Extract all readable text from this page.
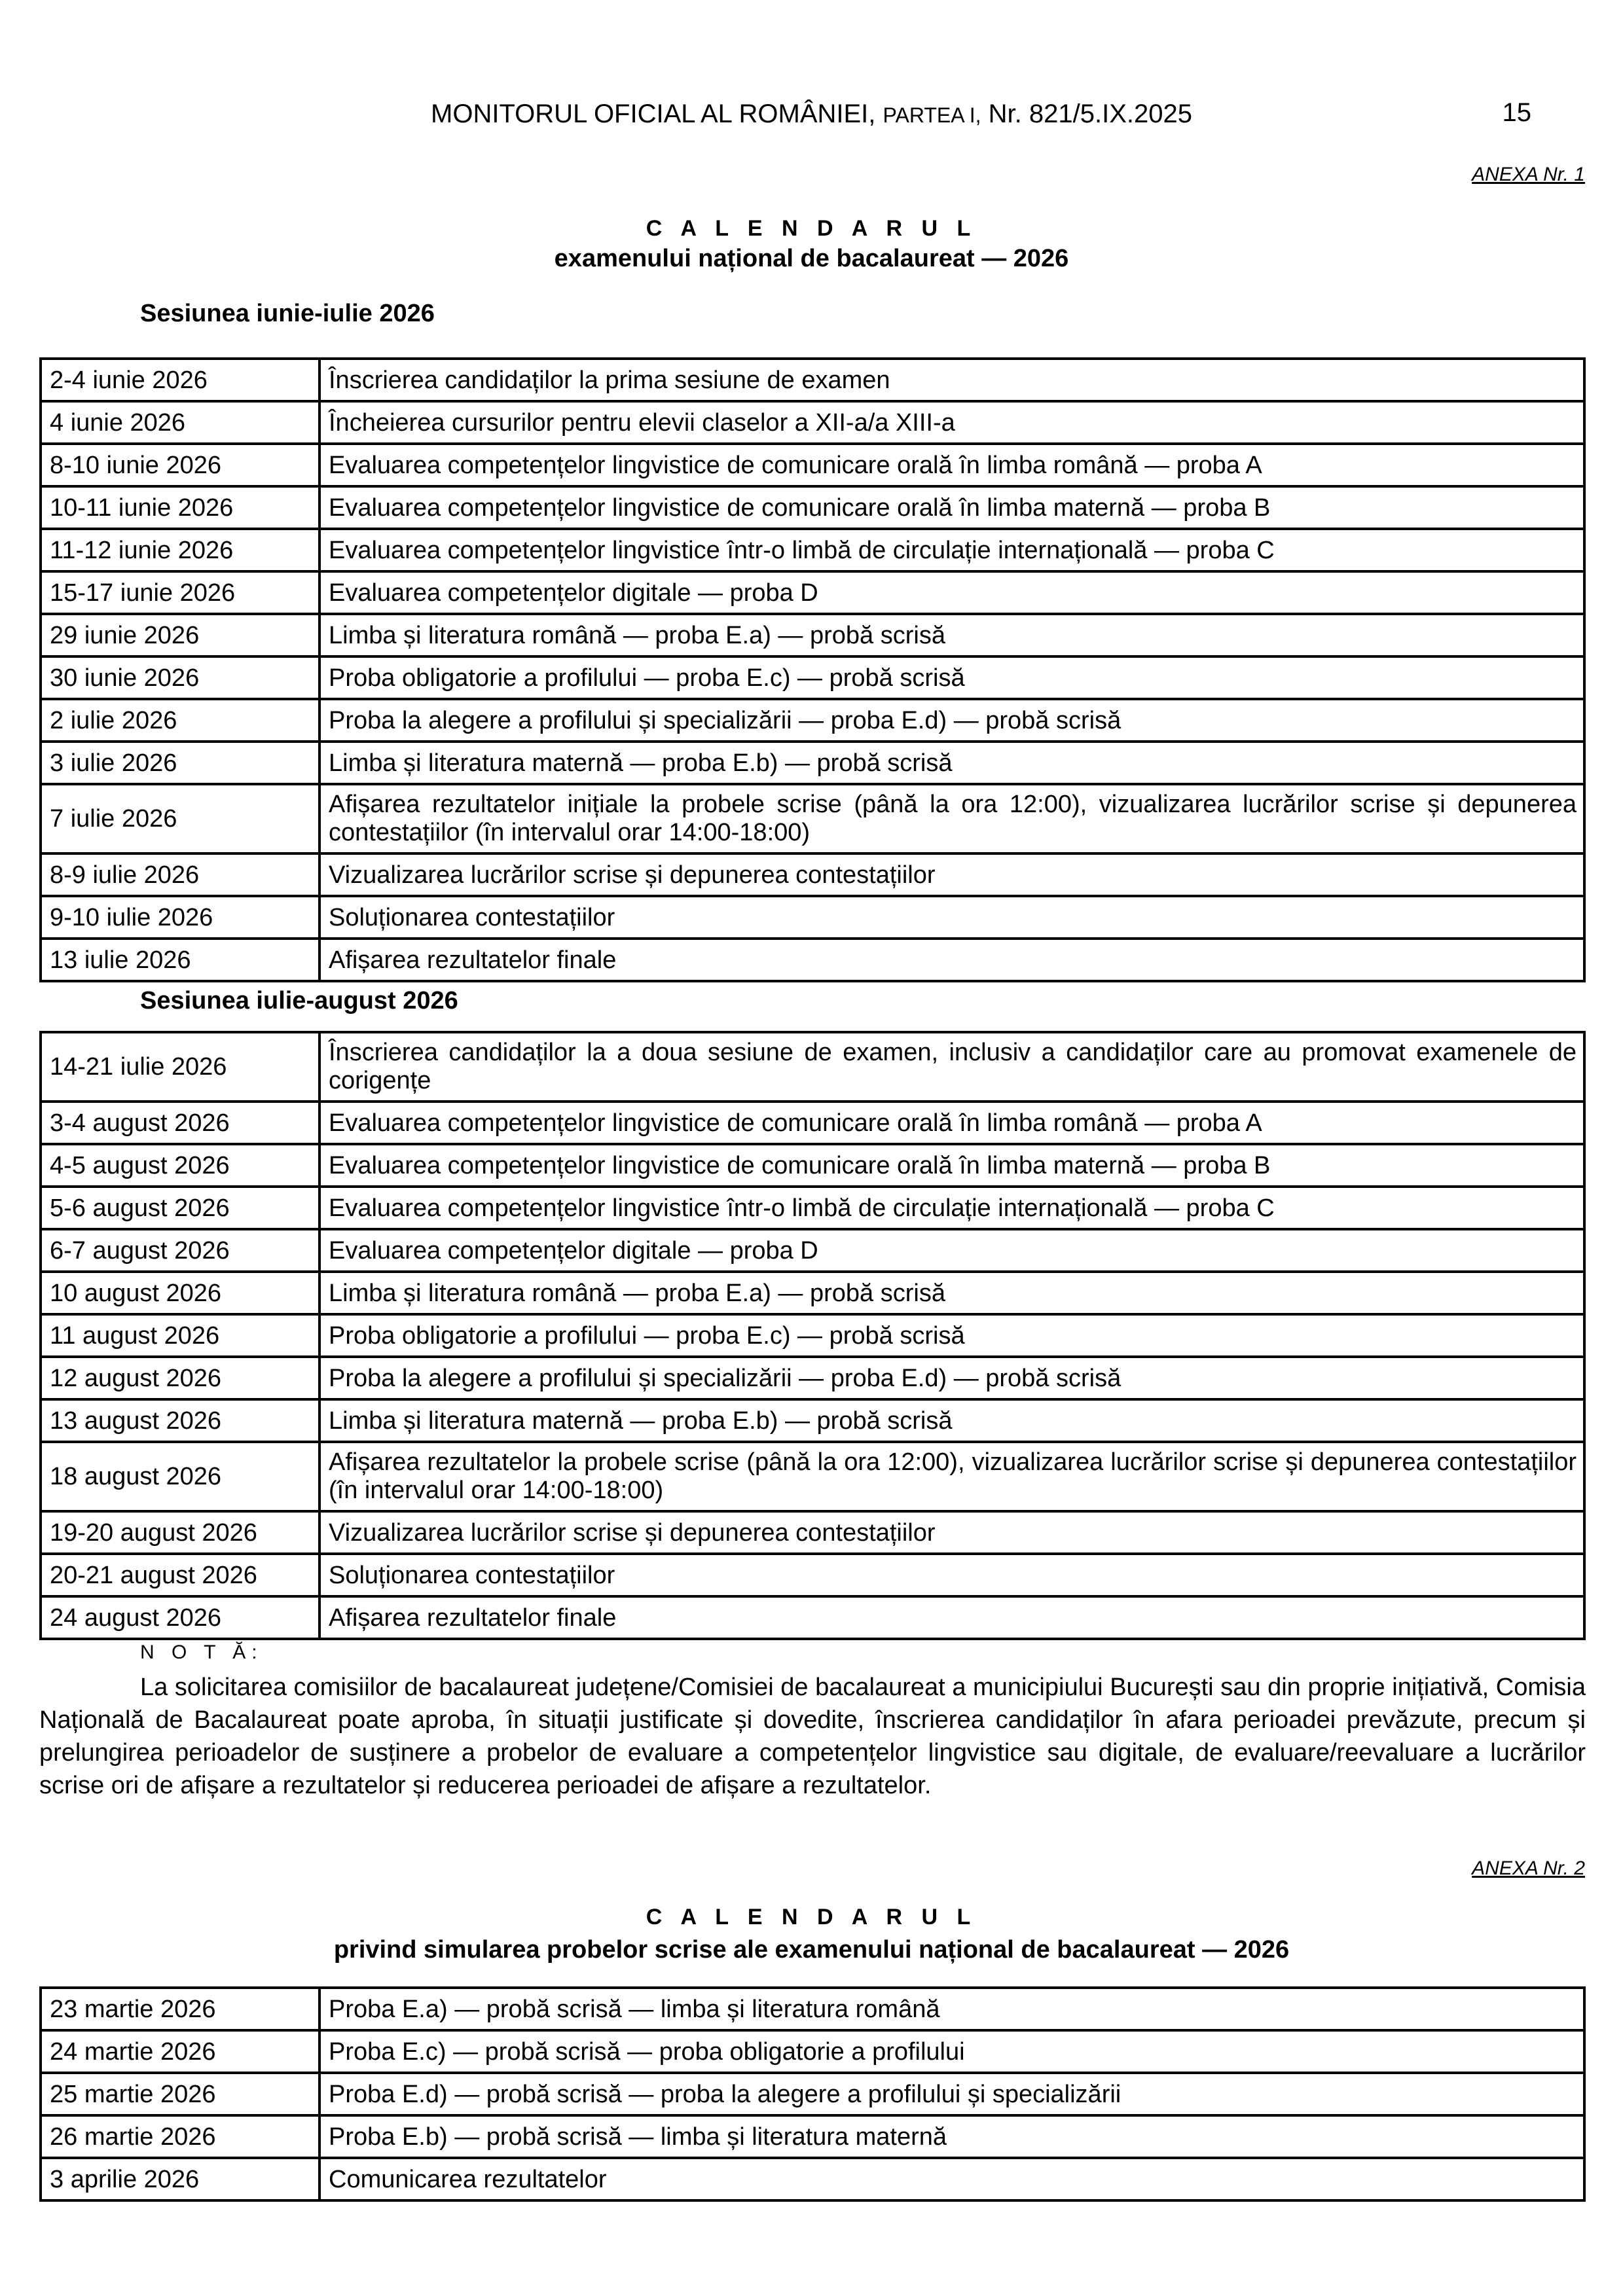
MONITORUL OFICIAL AL ROMÂNIEI, PARTEA I, Nr. 821/5.IX.2025	15
ANEXA Nr. 1
C A L E N D A R U L
examenului național de bacalaureat — 2026
Sesiunea iunie-iulie 2026
2-4 iunie 2026	Înscrierea candidaților la prima sesiune de examen
4 iunie 2026	Încheierea cursurilor pentru elevii claselor a XII-a/a XIII-a
8-10 iunie 2026	Evaluarea competențelor lingvistice de comunicare orală în limba română — proba A
10-11 iunie 2026	Evaluarea competențelor lingvistice de comunicare orală în limba maternă — proba B
11-12 iunie 2026	Evaluarea competențelor lingvistice într-o limbă de circulație internațională — proba C
15-17 iunie 2026	Evaluarea competențelor digitale — proba D
29 iunie 2026	Limba și literatura română — proba E.a) — probă scrisă
30 iunie 2026	Proba obligatorie a profilului — proba E.c) — probă scrisă
2 iulie 2026	Proba la alegere a profilului și specializării — proba E.d) — probă scrisă
3 iulie 2026	Limba și literatura maternă — proba E.b) — probă scrisă
7 iulie 2026	Afișarea rezultatelor inițiale la probele scrise (până la ora 12:00), vizualizarea lucrărilor scrise și depunerea contestațiilor (în intervalul orar 14:00-18:00)
8-9 iulie 2026	Vizualizarea lucrărilor scrise și depunerea contestațiilor
9-10 iulie 2026	Soluționarea contestațiilor
13 iulie 2026	Afișarea rezultatelor finale
Sesiunea iulie-august 2026
14-21 iulie 2026	Înscrierea candidaților la a doua sesiune de examen, inclusiv a candidaților care au promovat examenele de corigențe
3-4 august 2026	Evaluarea competențelor lingvistice de comunicare orală în limba română — proba A
4-5 august 2026	Evaluarea competențelor lingvistice de comunicare orală în limba maternă — proba B
5-6 august 2026	Evaluarea competențelor lingvistice într-o limbă de circulație internațională — proba C
6-7 august 2026	Evaluarea competențelor digitale — proba D
10 august 2026	Limba și literatura română — proba E.a) — probă scrisă
11 august 2026	Proba obligatorie a profilului — proba E.c) — probă scrisă
12 august 2026	Proba la alegere a profilului și specializării — proba E.d) — probă scrisă
13 august 2026	Limba și literatura maternă — proba E.b) — probă scrisă
18 august 2026	Afișarea rezultatelor la probele scrise (până la ora 12:00), vizualizarea lucrărilor scrise și depunerea contestațiilor (în intervalul orar 14:00-18:00)
19-20 august 2026	Vizualizarea lucrărilor scrise și depunerea contestațiilor
20-21 august 2026	Soluționarea contestațiilor
24 august 2026	Afișarea rezultatelor finale
N O T Ă:
La solicitarea comisiilor de bacalaureat județene/Comisiei de bacalaureat a municipiului București sau din proprie inițiativă, Comisia Națională de Bacalaureat poate aproba, în situații justificate și dovedite, înscrierea candidaților în afara perioadei prevăzute, precum și prelungirea perioadelor de susținere a probelor de evaluare a competențelor lingvistice sau digitale, de evaluare/reevaluare a lucrărilor scrise ori de afișare a rezultatelor și reducerea perioadei de afișare a rezultatelor.
ANEXA Nr. 2
C A L E N D A R U L
privind simularea probelor scrise ale examenului național de bacalaureat — 2026
23 martie 2026	Proba E.a) — probă scrisă — limba și literatura română
24 martie 2026	Proba E.c) — probă scrisă — proba obligatorie a profilului
25 martie 2026	Proba E.d) — probă scrisă — proba la alegere a profilului și specializării
26 martie 2026	Proba E.b) — probă scrisă — limba și literatura maternă
3 aprilie 2026	Comunicarea rezultatelor
